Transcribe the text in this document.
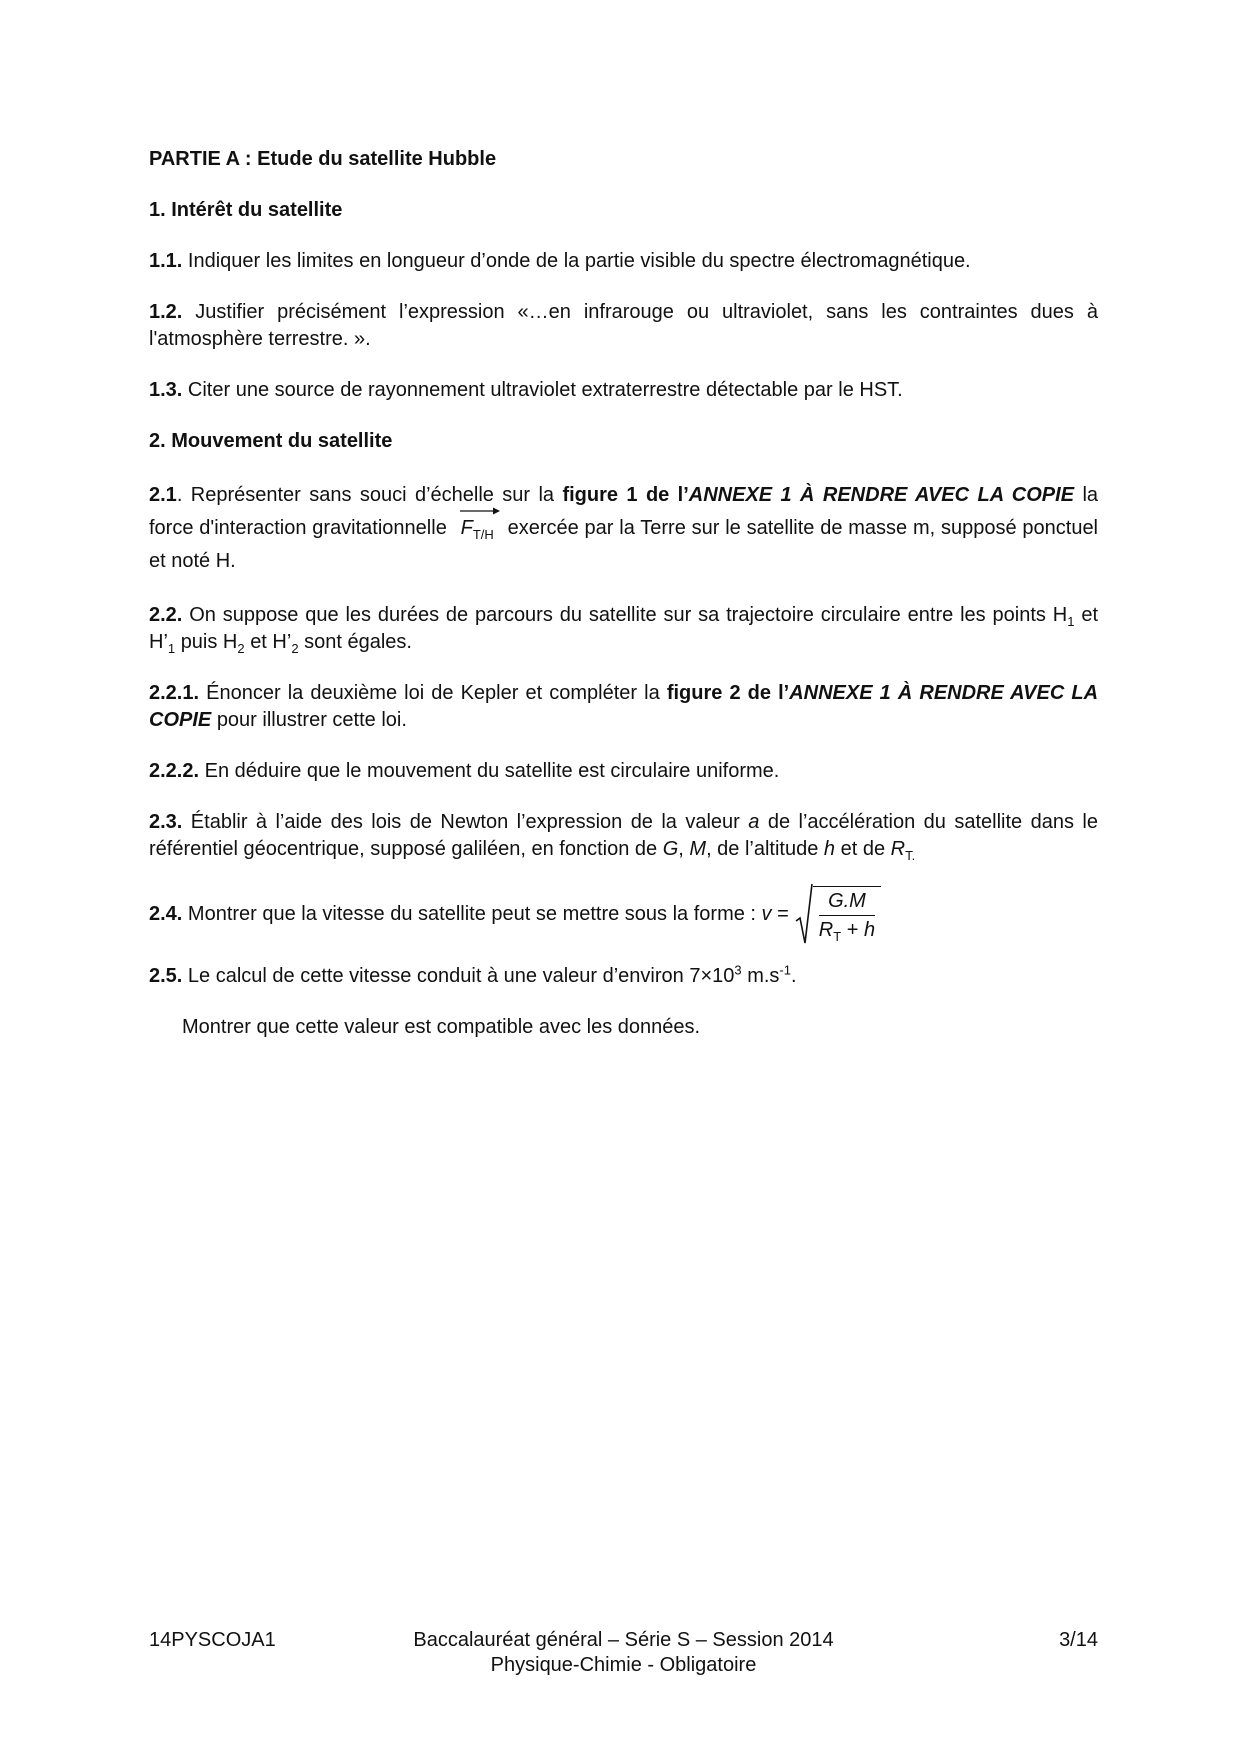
PARTIE A : Etude du satellite Hubble
1. Intérêt du satellite
1.1. Indiquer les limites en longueur d’onde de la partie visible du spectre électromagnétique.
1.2. Justifier précisément l’expression «…en infrarouge ou ultraviolet, sans les contraintes dues à l'atmosphère terrestre. ».
1.3. Citer une source de rayonnement ultraviolet extraterrestre détectable par le HST.
2. Mouvement du satellite
2.1. Représenter sans souci d’échelle sur la figure 1 de l’ANNEXE 1 À RENDRE AVEC LA COPIE la force d'interaction gravitationnelle $F_{T/H}$ exercée par la Terre sur le satellite de masse m, supposé ponctuel et noté H.
2.2. On suppose que les durées de parcours du satellite sur sa trajectoire circulaire entre les points $H_1$ et $H’_1$ puis $H_2$ et $H’_2$ sont égales.
2.2.1. Énoncer la deuxième loi de Kepler et compléter la figure 2 de l’ANNEXE 1 À RENDRE AVEC LA COPIE pour illustrer cette loi.
2.2.2. En déduire que le mouvement du satellite est circulaire uniforme.
2.3. Établir à l’aide des lois de Newton l’expression de la valeur a de l’accélération du satellite dans le référentiel géocentrique, supposé galiléen, en fonction de G, M, de l’altitude h et de $R_{T.}$
2.4.
Montrer que la vitesse du satellite peut se mettre sous la forme :
v
= $\frac{G.M}{R_T + h}$
2.5. Le calcul de cette vitesse conduit à une valeur d’environ $7\times 10^3$ $m.s^{-1}$.
Montrer que cette valeur est compatible avec les données.
14PYSCOJA1	Baccalauréat général – Série S – Session 2014
Physique-Chimie - Obligatoire
3/14
